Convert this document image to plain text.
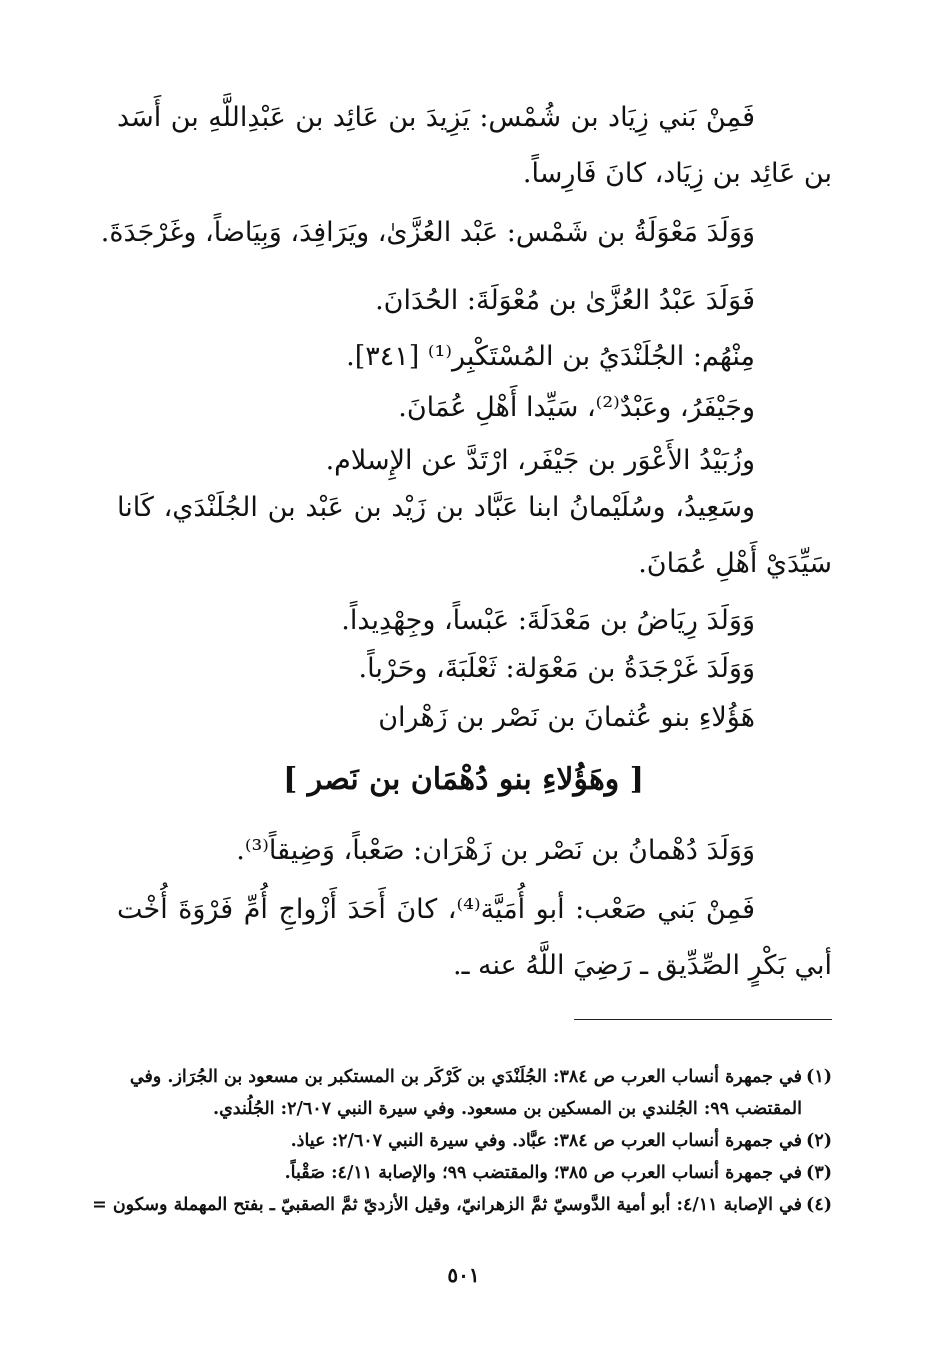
فَمِنْ بَني زِيَاد بن شُمْس: يَزِيدَ بن عَائِد بن عَبْدِاللَّهِ بن أَسَد بن عَائِد بن زِيَاد، كانَ فَارِساً.

وَوَلَدَ مَعْوَلَةُ بن شَمْس: عَبْد العُزَّىٰ، ويَرَافِدَ، وَبِيَاضاً، وغَرْجَدَةَ.

فَوَلَدَ عَبْدُ العُزَّىٰ بن مُعْوَلَةَ: الحُدَانَ.

مِنْهُم: الجُلَنْدَيُ بن المُسْتَكْبِر⁽¹⁾ [٣٤١].

وجَيْفَرُ، وعَبْدٌ⁽²⁾، سَيِّدا أَهْلِ عُمَانَ.

وزُبَيْدُ الأَعْوَر بن جَيْفَر، ارْتَدَّ عن الإِسلام.

وسَعِيدُ، وسُلَيْمانُ ابنا عَبَّاد بن زَيْد بن عَبْد بن الجُلَنْدَي، كَانا سَيِّدَيْ أَهْلِ عُمَانَ.

وَوَلَدَ رِيَاضُ بن مَعْدَلَةَ: عَبْساً، وجِهْدِيداً.

وَوَلَدَ غَرْجَدَةُ بن مَعْوَلة: ثَعْلَبَةَ، وحَرْباً.

هَؤُلاءِ بنو عُثمانَ بن نَصْر بن زَهْران

[ وهَؤُلاءِ بنو دُهْمَان بن نَصر ]

وَوَلَدَ دُهْمانُ بن نَصْر بن زَهْرَان: صَعْباً، وَضِيقاً⁽³⁾.

فَمِنْ بَني صَعْب: أبو أُمَيَّة⁽⁴⁾، كانَ أَحَدَ أَزْواجِ أُمِّ فَرْوَةَ أُخْت أبي بَكْرٍ الصِّدِّيق ـ رَضِيَ اللَّهُ عنه ـ.

(١)في جمهرة أنساب العرب ص ٣٨٤: الجُلَنْدَي بن كَرْكَر بن المستكبر بن مسعود بن الجُرَاز. وفي

المقتضب ٩٩: الجُلندي بن المسكين بن مسعود. وفي سيرة النبي ٢/٦٠٧: الجُلُندي.

(٢)في جمهرة أنساب العرب ص ٣٨٤: عبَّاد. وفي سيرة النبي ٢/٦٠٧: عياذ.
(٣)في جمهرة أنساب العرب ص ٣٨٥؛ والمقتضب ٩٩؛ والإصابة ٤/١١: صَقْباً.
(٤)في الإصابة ٤/١١: أبو أمية الدَّوسيّ ثمَّ الزهرانيّ، وقيل الأزديّ ثمَّ الصقبيّ ـ بفتح المهملة وسكون =
٥٠١
